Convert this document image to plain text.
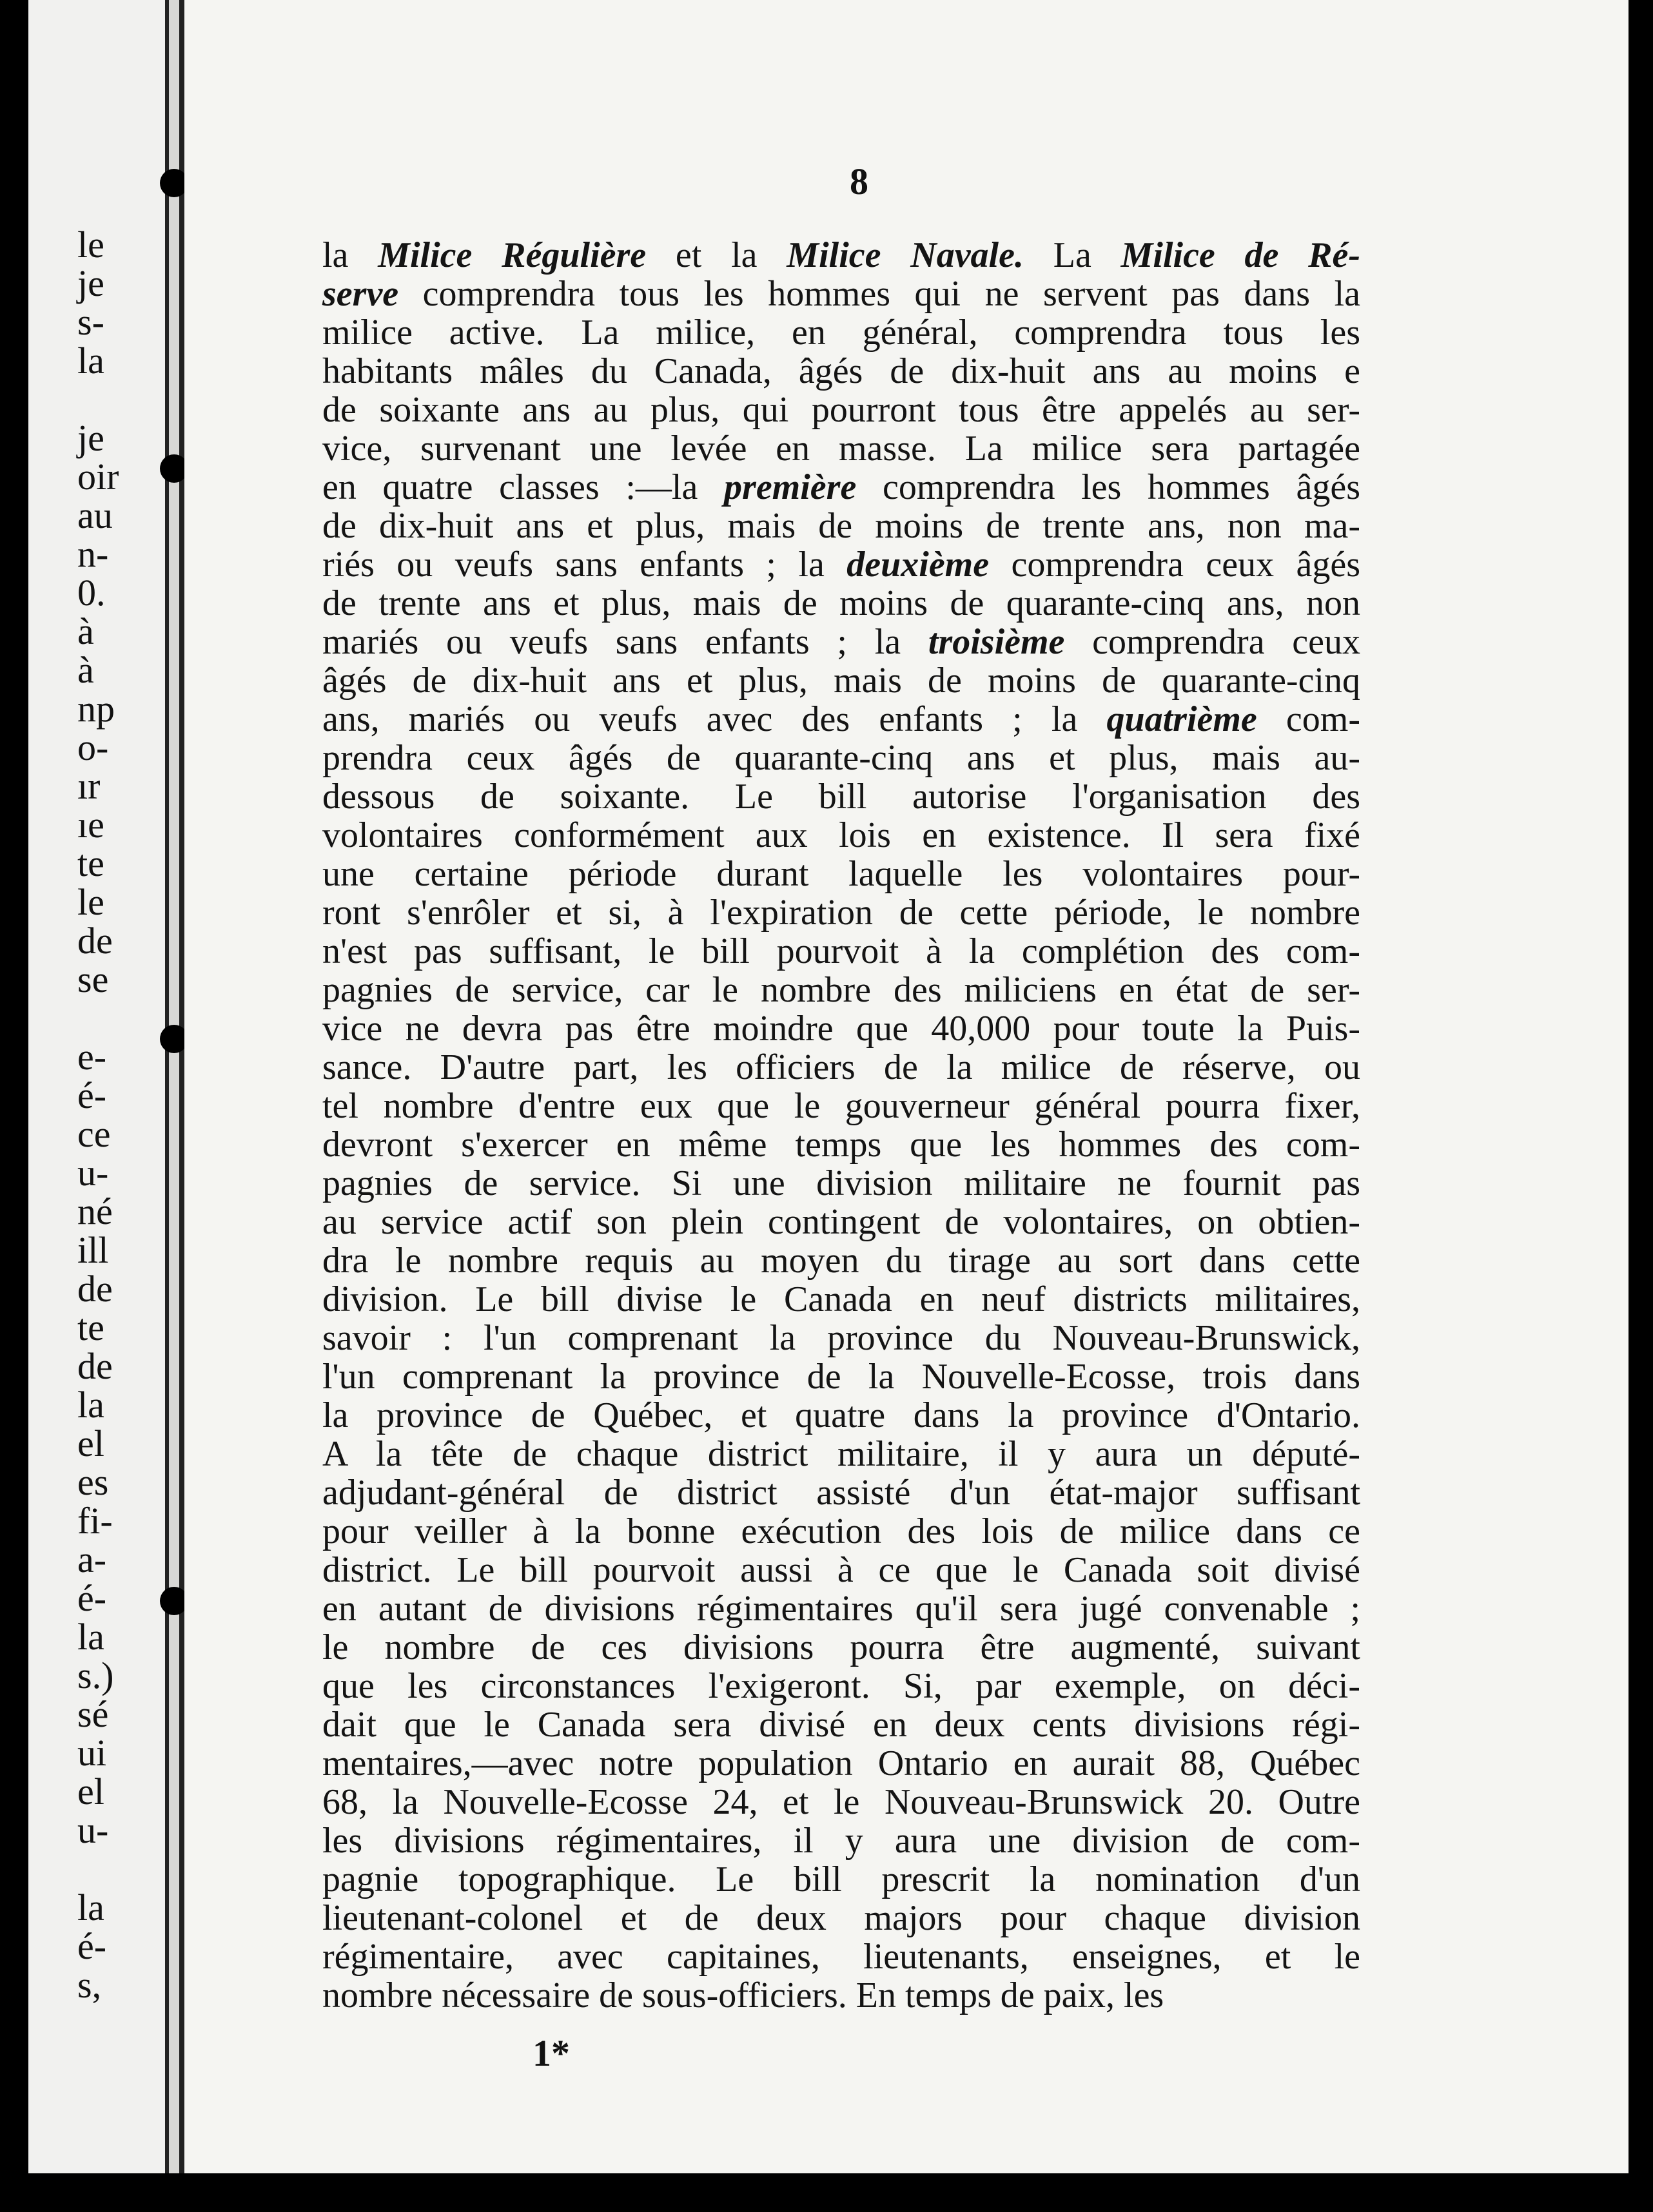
le
je
s-
la
je
oir
au
n-
0.
à
à
np
o-
ır
ıe
te
le
de
se
e-
é-
ce
u-
né
ill
de
te
de
la
el
es
fi-
a-
é-
la
s.)
sé
ui
el
u-
la
é-
s,
8
la Milice Régulière et la Milice Navale. La Milice de Ré-
serve comprendra tous les hommes qui ne servent pas dans la
milice active. La milice, en général, comprendra tous les
habitants mâles du Canada, âgés de dix-huit ans au moins e
de soixante ans au plus, qui pourront tous être appelés au ser-
vice, survenant une levée en masse. La milice sera partagée
en quatre classes :—la première comprendra les hommes âgés
de dix-huit ans et plus, mais de moins de trente ans, non ma-
riés ou veufs sans enfants ; la deuxième comprendra ceux âgés
de trente ans et plus, mais de moins de quarante-cinq ans, non
mariés ou veufs sans enfants ; la troisième comprendra ceux
âgés de dix-huit ans et plus, mais de moins de quarante-cinq
ans, mariés ou veufs avec des enfants ; la quatrième com-
prendra ceux âgés de quarante-cinq ans et plus, mais au-
dessous de soixante. Le bill autorise l'organisation des
volontaires conformément aux lois en existence. Il sera fixé
une certaine période durant laquelle les volontaires pour-
ront s'enrôler et si, à l'expiration de cette période, le nombre
n'est pas suffisant, le bill pourvoit à la complétion des com-
pagnies de service, car le nombre des miliciens en état de ser-
vice ne devra pas être moindre que 40,000 pour toute la Puis-
sance. D'autre part, les officiers de la milice de réserve, ou
tel nombre d'entre eux que le gouverneur général pourra fixer,
devront s'exercer en même temps que les hommes des com-
pagnies de service. Si une division militaire ne fournit pas
au service actif son plein contingent de volontaires, on obtien-
dra le nombre requis au moyen du tirage au sort dans cette
division. Le bill divise le Canada en neuf districts militaires,
savoir : l'un comprenant la province du Nouveau-Brunswick,
l'un comprenant la province de la Nouvelle-Ecosse, trois dans
la province de Québec, et quatre dans la province d'Ontario.
A la tête de chaque district militaire, il y aura un député-
adjudant-général de district assisté d'un état-major suffisant
pour veiller à la bonne exécution des lois de milice dans ce
district. Le bill pourvoit aussi à ce que le Canada soit divisé
en autant de divisions régimentaires qu'il sera jugé convenable ;
le nombre de ces divisions pourra être augmenté, suivant
que les circonstances l'exigeront. Si, par exemple, on déci-
dait que le Canada sera divisé en deux cents divisions régi-
mentaires,—avec notre population Ontario en aurait 88, Québec
68, la Nouvelle-Ecosse 24, et le Nouveau-Brunswick 20. Outre
les divisions régimentaires, il y aura une division de com-
pagnie topographique. Le bill prescrit la nomination d'un
lieutenant-colonel et de deux majors pour chaque division
régimentaire, avec capitaines, lieutenants, enseignes, et le
nombre nécessaire de sous-officiers. En temps de paix, les
1*
